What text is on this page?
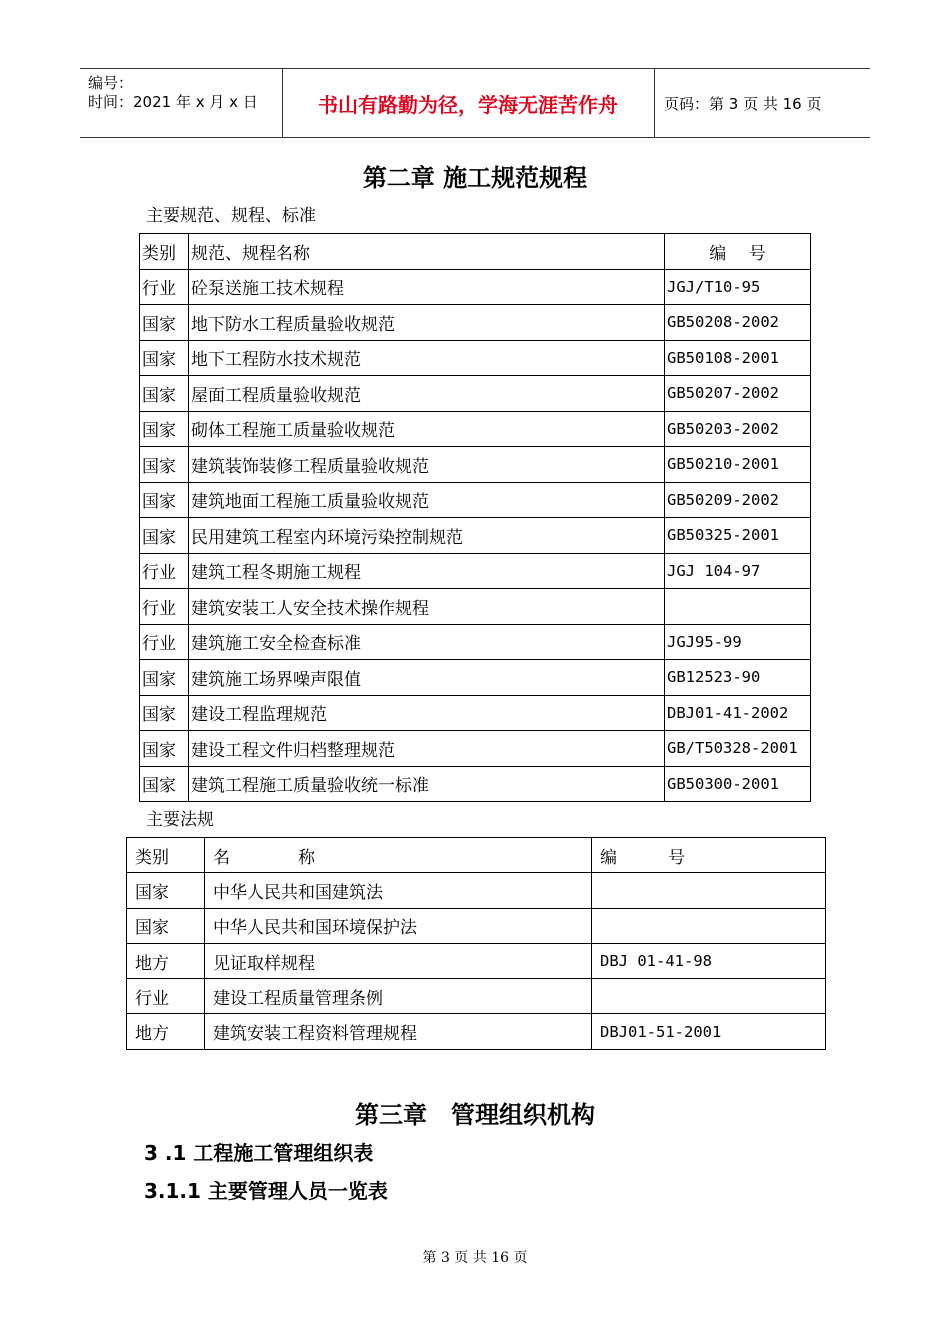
编号：
时间：2021 年 x 月 x 日	书山有路勤为径，学海无涯苦作舟	页码：第 3 页 共 16 页
第二章 施工规范规程
主要规范、规程、标准
类别	规范、规程名称	编　 号
行业	砼泵送施工技术规程	JGJ/T10-95
国家	地下防水工程质量验收规范	GB50208-2002
国家	地下工程防水技术规范	GB50108-2001
国家	屋面工程质量验收规范	GB50207-2002
国家	砌体工程施工质量验收规范	GB50203-2002
国家	建筑装饰装修工程质量验收规范	GB50210-2001
国家	建筑地面工程施工质量验收规范	GB50209-2002
国家	民用建筑工程室内环境污染控制规范	GB50325-2001
行业	建筑工程冬期施工规程	JGJ 104-97
行业	建筑安装工人安全技术操作规程	
行业	建筑施工安全检查标准	JGJ95-99
国家	建筑施工场界噪声限值	GB12523-90
国家	建设工程监理规范	DBJ01-41-2002
国家	建设工程文件归档整理规范	GB/T50328-2001
国家	建筑工程施工质量验收统一标准	GB50300-2001
主要法规
类别	名　　　　称	编　　　号
国家	中华人民共和国建筑法	
国家	中华人民共和国环境保护法	
地方	见证取样规程	DBJ 01-41-98
行业	建设工程质量管理条例	
地方	建筑安装工程资料管理规程	DBJ01-51-2001
第三章　管理组织机构
3 .1 工程施工管理组织表
3.1.1 主要管理人员一览表
第 3 页 共 16 页
